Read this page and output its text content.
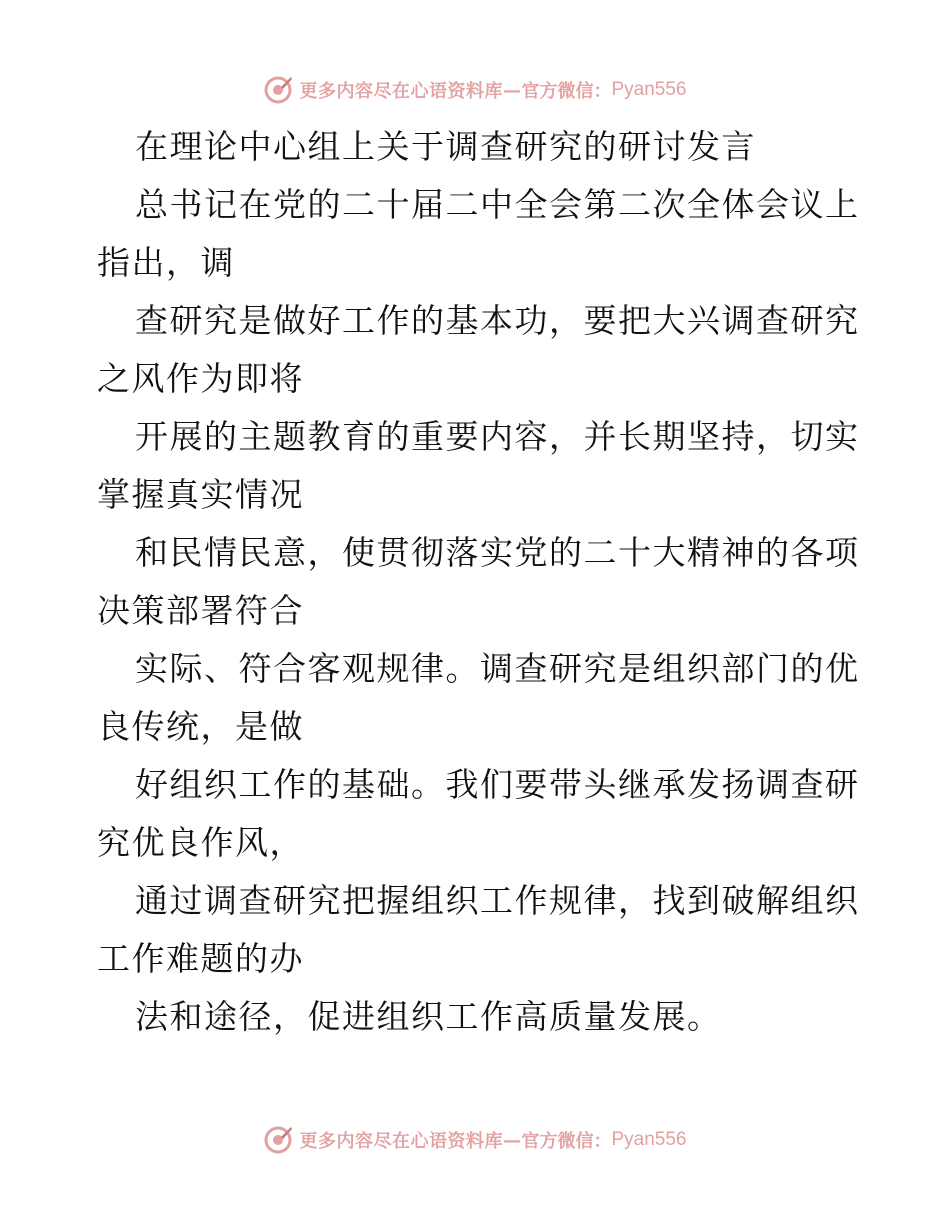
更多内容尽在心语资料库 — 官方微信： Pyan556
在理论中心组上关于调查研究的研讨发言
总书记在党的二十届二中全会第二次全体会议上
指出，调
查研究是做好工作的基本功，要把大兴调查研究
之风作为即将
开展的主题教育的重要内容，并长期坚持，切实
掌握真实情况
和民情民意，使贯彻落实党的二十大精神的各项
决策部署符合
实际、符合客观规律。调查研究是组织部门的优
良传统，是做
好组织工作的基础。我们要带头继承发扬调查研
究优良作风，
通过调查研究把握组织工作规律，找到破解组织
工作难题的办
法和途径，促进组织工作高质量发展。
更多内容尽在心语资料库 — 官方微信： Pyan556
